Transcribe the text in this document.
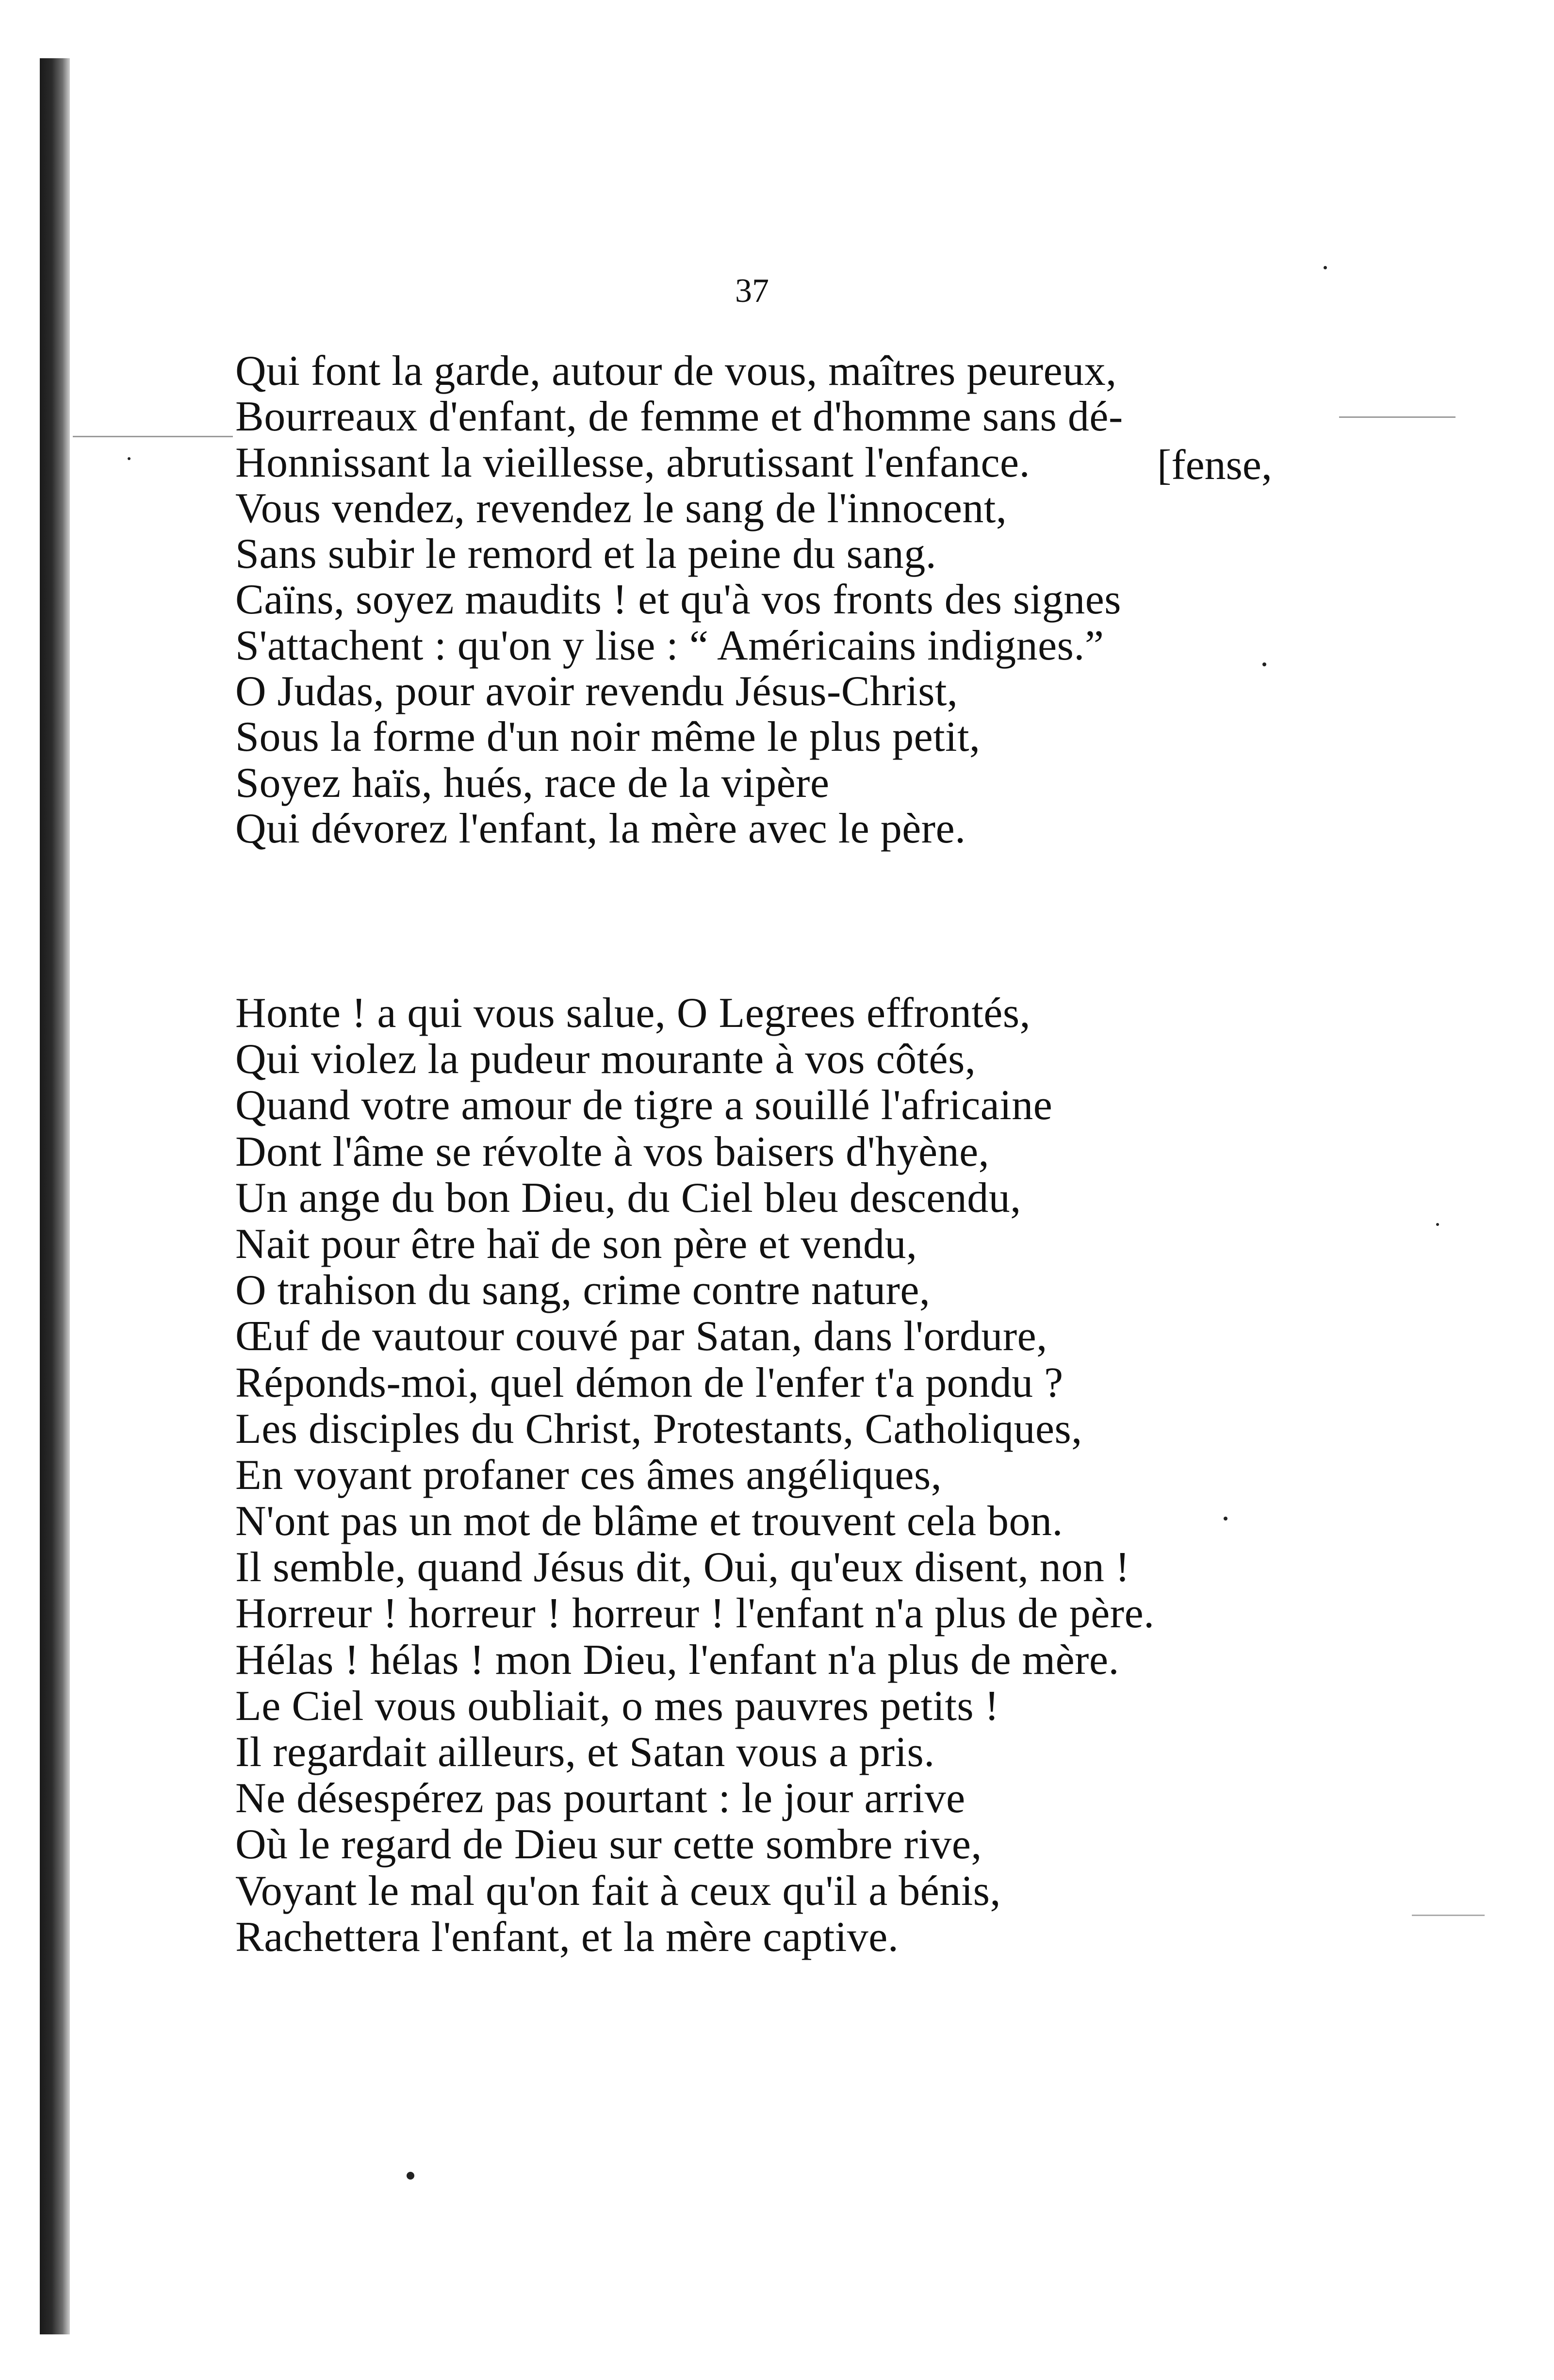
37
Qui font la garde, autour de vous, maîtres peureux,
Bourreaux d'enfant, de femme et d'homme sans dé-
Honnissant la vieillesse, abrutissant l'enfance.
Vous vendez, revendez le sang de l'innocent,
Sans subir le remord et la peine du sang.
Caïns, soyez maudits ! et qu'à vos fronts des signes
S'attachent : qu'on y lise : “ Américains indignes.”
O Judas, pour avoir revendu Jésus-Christ,
Sous la forme d'un noir même le plus petit,
Soyez haïs, hués, race de la vipère
Qui dévorez l'enfant, la mère avec le père.
[fense,
Honte ! a qui vous salue, O Legrees effrontés,
Qui violez la pudeur mourante à vos côtés,
Quand votre amour de tigre a souillé l'africaine
Dont l'âme se révolte à vos baisers d'hyène,
Un ange du bon Dieu, du Ciel bleu descendu,
Nait pour être haï de son père et vendu,
O trahison du sang, crime contre nature,
Œuf de vautour couvé par Satan, dans l'ordure,
Réponds-moi, quel démon de l'enfer t'a pondu ?
Les disciples du Christ, Protestants, Catholiques,
En voyant profaner ces âmes angéliques,
N'ont pas un mot de blâme et trouvent cela bon.
Il semble, quand Jésus dit, Oui, qu'eux disent, non !
Horreur ! horreur ! horreur ! l'enfant n'a plus de père.
Hélas ! hélas ! mon Dieu, l'enfant n'a plus de mère.
Le Ciel vous oubliait, o mes pauvres petits !
Il regardait ailleurs, et Satan vous a pris.
Ne désespérez pas pourtant : le jour arrive
Où le regard de Dieu sur cette sombre rive,
Voyant le mal qu'on fait à ceux qu'il a bénis,
Rachettera l'enfant, et la mère captive.
